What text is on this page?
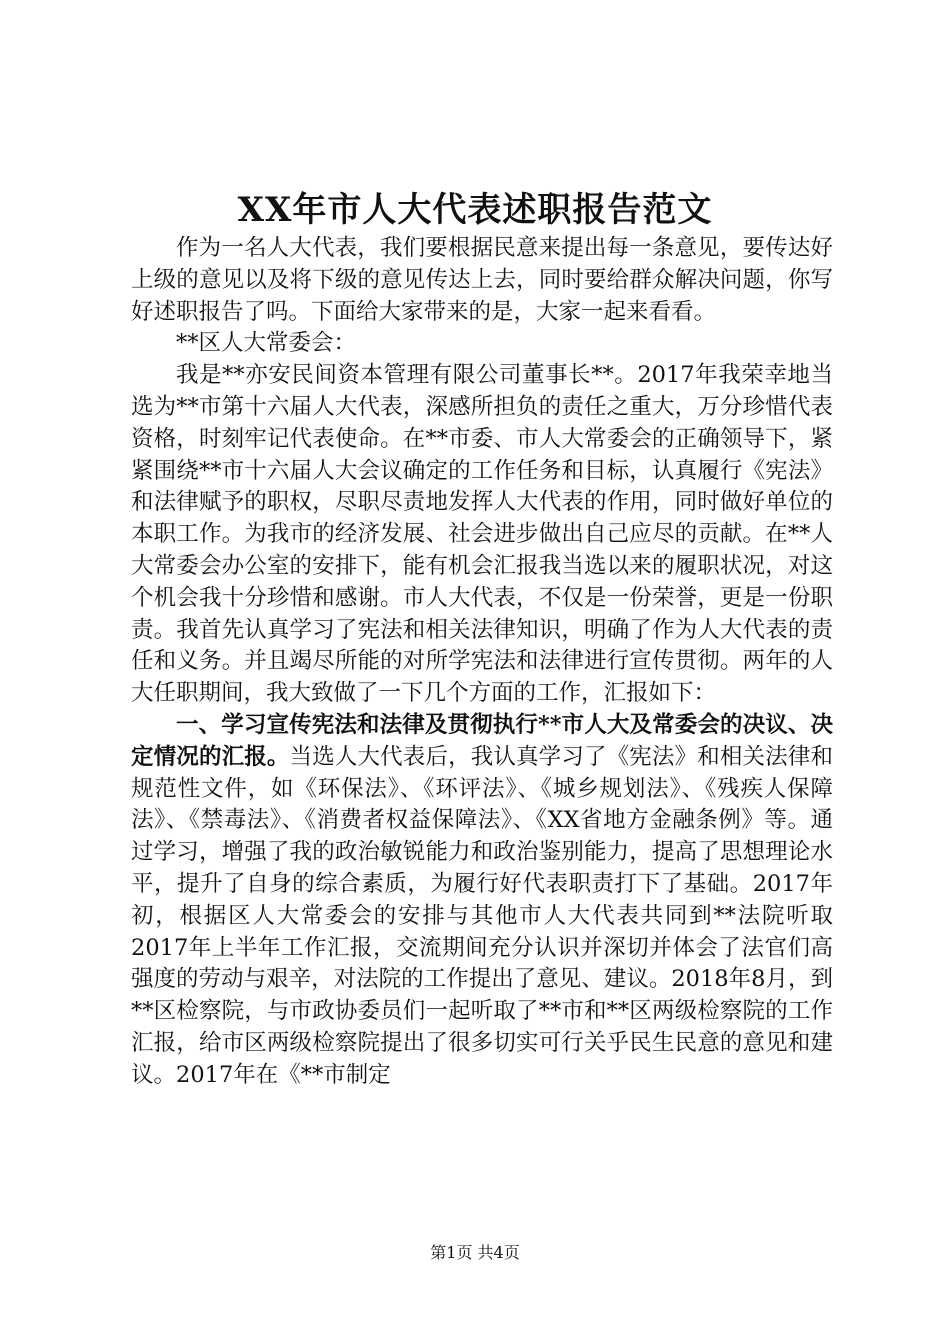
XX年市人大代表述职报告范文

作为一名人大代表，我们要根据民意来提出每一条意见，要传达好上级的意见以及将下级的意见传达上去，同时要给群众解决问题，你写好述职报告了吗。下面给大家带来的是，大家一起来看看。

**区人大常委会：

我是**亦安民间资本管理有限公司董事长**。2017年我荣幸地当选为**市第十六届人大代表，深感所担负的责任之重大，万分珍惜代表资格，时刻牢记代表使命。在**市委、市人大常委会的正确领导下，紧紧围绕**市十六届人大会议确定的工作任务和目标，认真履行《宪法》和法律赋予的职权，尽职尽责地发挥人大代表的作用，同时做好单位的本职工作。为我市的经济发展、社会进步做出自己应尽的贡献。在**人大常委会办公室的安排下，能有机会汇报我当选以来的履职状况，对这个机会我十分珍惜和感谢。市人大代表，不仅是一份荣誉，更是一份职责。我首先认真学习了宪法和相关法律知识，明确了作为人大代表的责任和义务。并且竭尽所能的对所学宪法和法律进行宣传贯彻。两年的人大任职期间，我大致做了一下几个方面的工作，汇报如下：

一、学习宣传宪法和法律及贯彻执行**市人大及常委会的决议、决定情况的汇报。当选人大代表后，我认真学习了《宪法》和相关法律和规范性文件，如《环保法》、《环评法》、《城乡规划法》、《残疾人保障法》、《禁毒法》、《消费者权益保障法》、《XX省地方金融条例》等。通过学习，增强了我的政治敏锐能力和政治鉴别能力，提高了思想理论水平，提升了自身的综合素质，为履行好代表职责打下了基础。2017年初，根据区人大常委会的安排与其他市人大代表共同到**法院听取2017年上半年工作汇报，交流期间充分认识并深切并体会了法官们高强度的劳动与艰辛，对法院的工作提出了意见、建议。2018年8月，到**区检察院，与市政协委员们一起听取了**市和**区两级检察院的工作汇报，给市区两级检察院提出了很多切实可行关乎民生民意的意见和建议。2017年在《**市制定

第1页 共4页
